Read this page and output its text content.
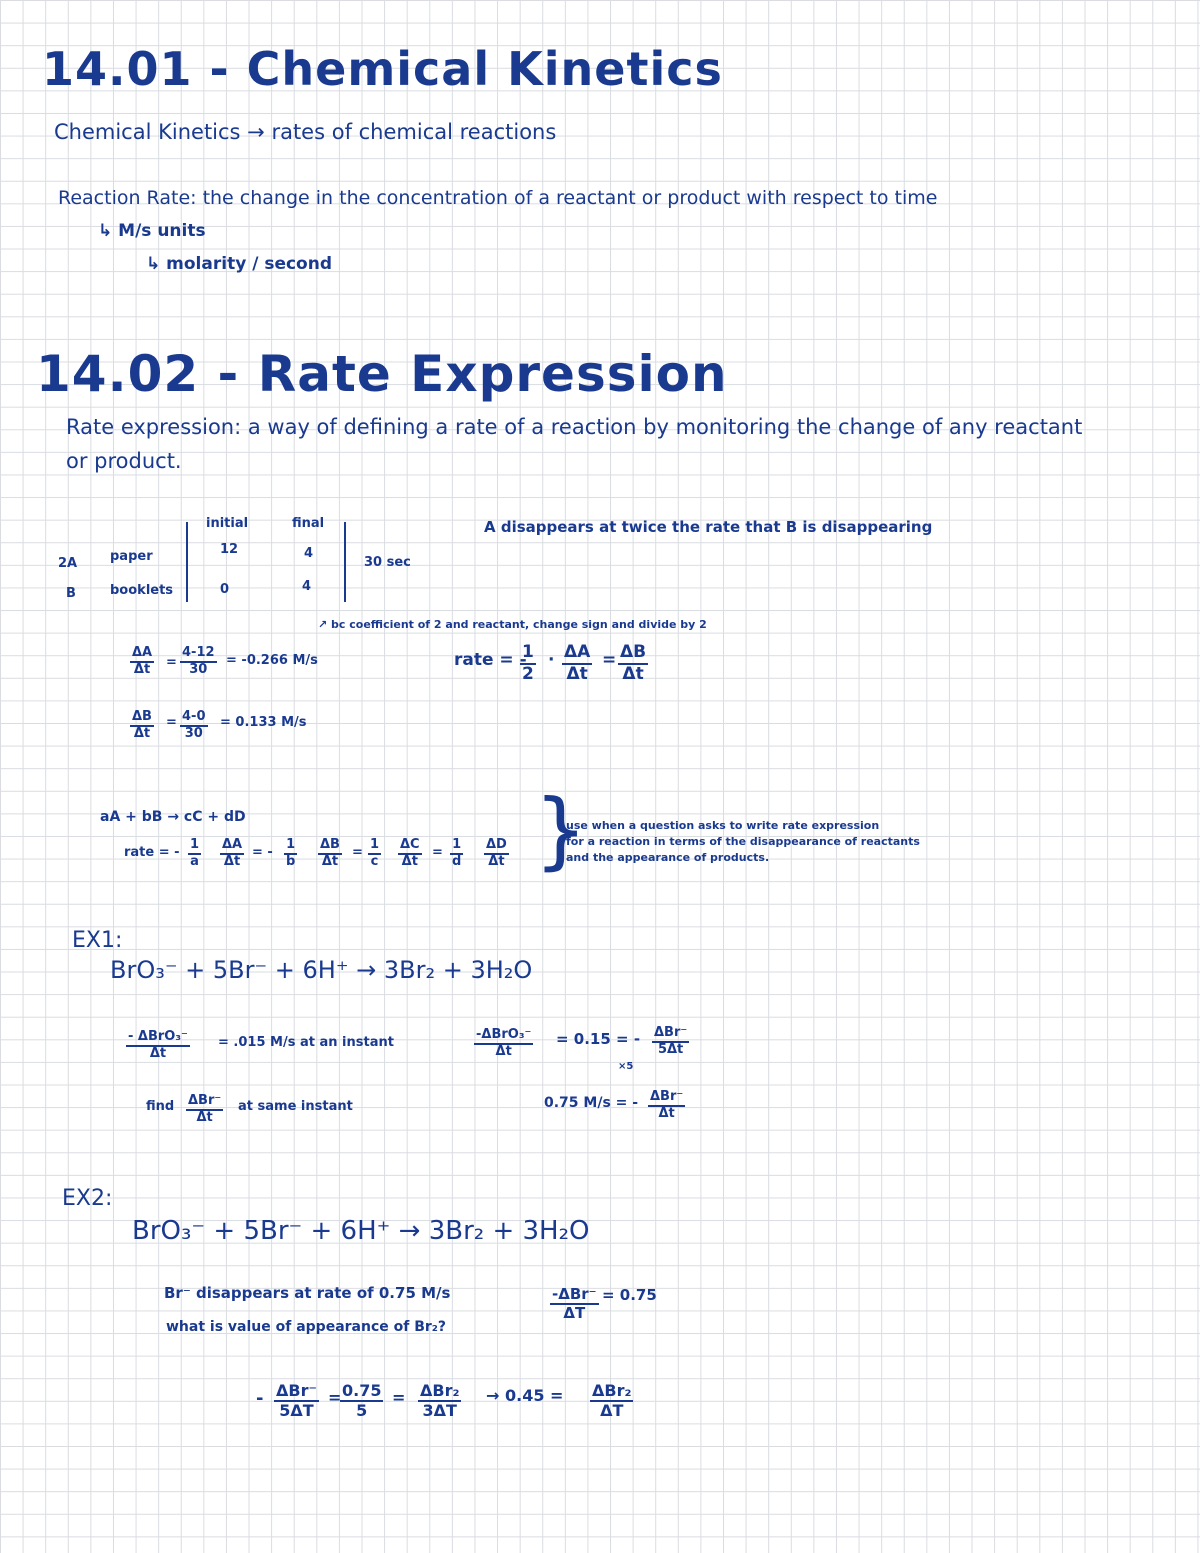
14.01 - Chemical Kinetics
Chemical Kinetics → rates of chemical reactions
Reaction Rate: the change in the concentration of a reactant or product with respect to time
↳ M/s units
↳ molarity / second
14.02 - Rate Expression
Rate expression: a way of defining a rate of a reaction by monitoring the change of any reactant
or product.
initial	final
2A	paper	12	4
B	booklets	0	4
30 sec
A disappears at twice the rate that B is disappearing
↗ bc coefficient of 2 and reactant, change sign and divide by 2
$\frac{\Delta A}{\Delta t} = \frac{4-12}{30} = -0.266$ M/s
$\frac{\Delta B}{\Delta t} = \frac{4-0}{30} = 0.133$ M/s
rate = -
$\frac{1}{2} \cdot \frac{\Delta A}{\Delta t} = \frac{\Delta B}{\Delta t}$
aA + bB → cC + dD
rate = - $\frac{1}{a} \frac{\Delta A}{\Delta t}$ = - $\frac{1}{b} \frac{\Delta B}{\Delta t} = \frac{1}{c} \frac{\Delta C}{\Delta t} = \frac{1}{d} \frac{\Delta D}{\Delta t}$ }
use when a question asks to write rate expression
for a reaction in terms of the disappearance of reactants
and the appearance of products.
EX1:
BrO₃⁻ + 5Br⁻ + 6H⁺ → 3Br₂ + 3H₂O
- ΔBrO₃⁻
Δt
= .015 M/s at an instant
find ΔBr⁻
Δt
at same instant
-ΔBrO₃⁻
Δt
= 0.15 = - ΔBr⁻
5Δt
×5
0.75 M/s = - ΔBr⁻
Δt
EX2:
BrO₃⁻ + 5Br⁻ + 6H⁺ → 3Br₂ + 3H₂O
Br⁻ disappears at rate of 0.75 M/s
what is value of appearance of Br₂?
-ΔBr⁻
ΔT
= 0.75
- ΔBr⁻
5ΔT
=
$\frac{0.75}{5} = \Delta Br_2$
3ΔT
→ 0.45 = ΔBr₂
ΔT
